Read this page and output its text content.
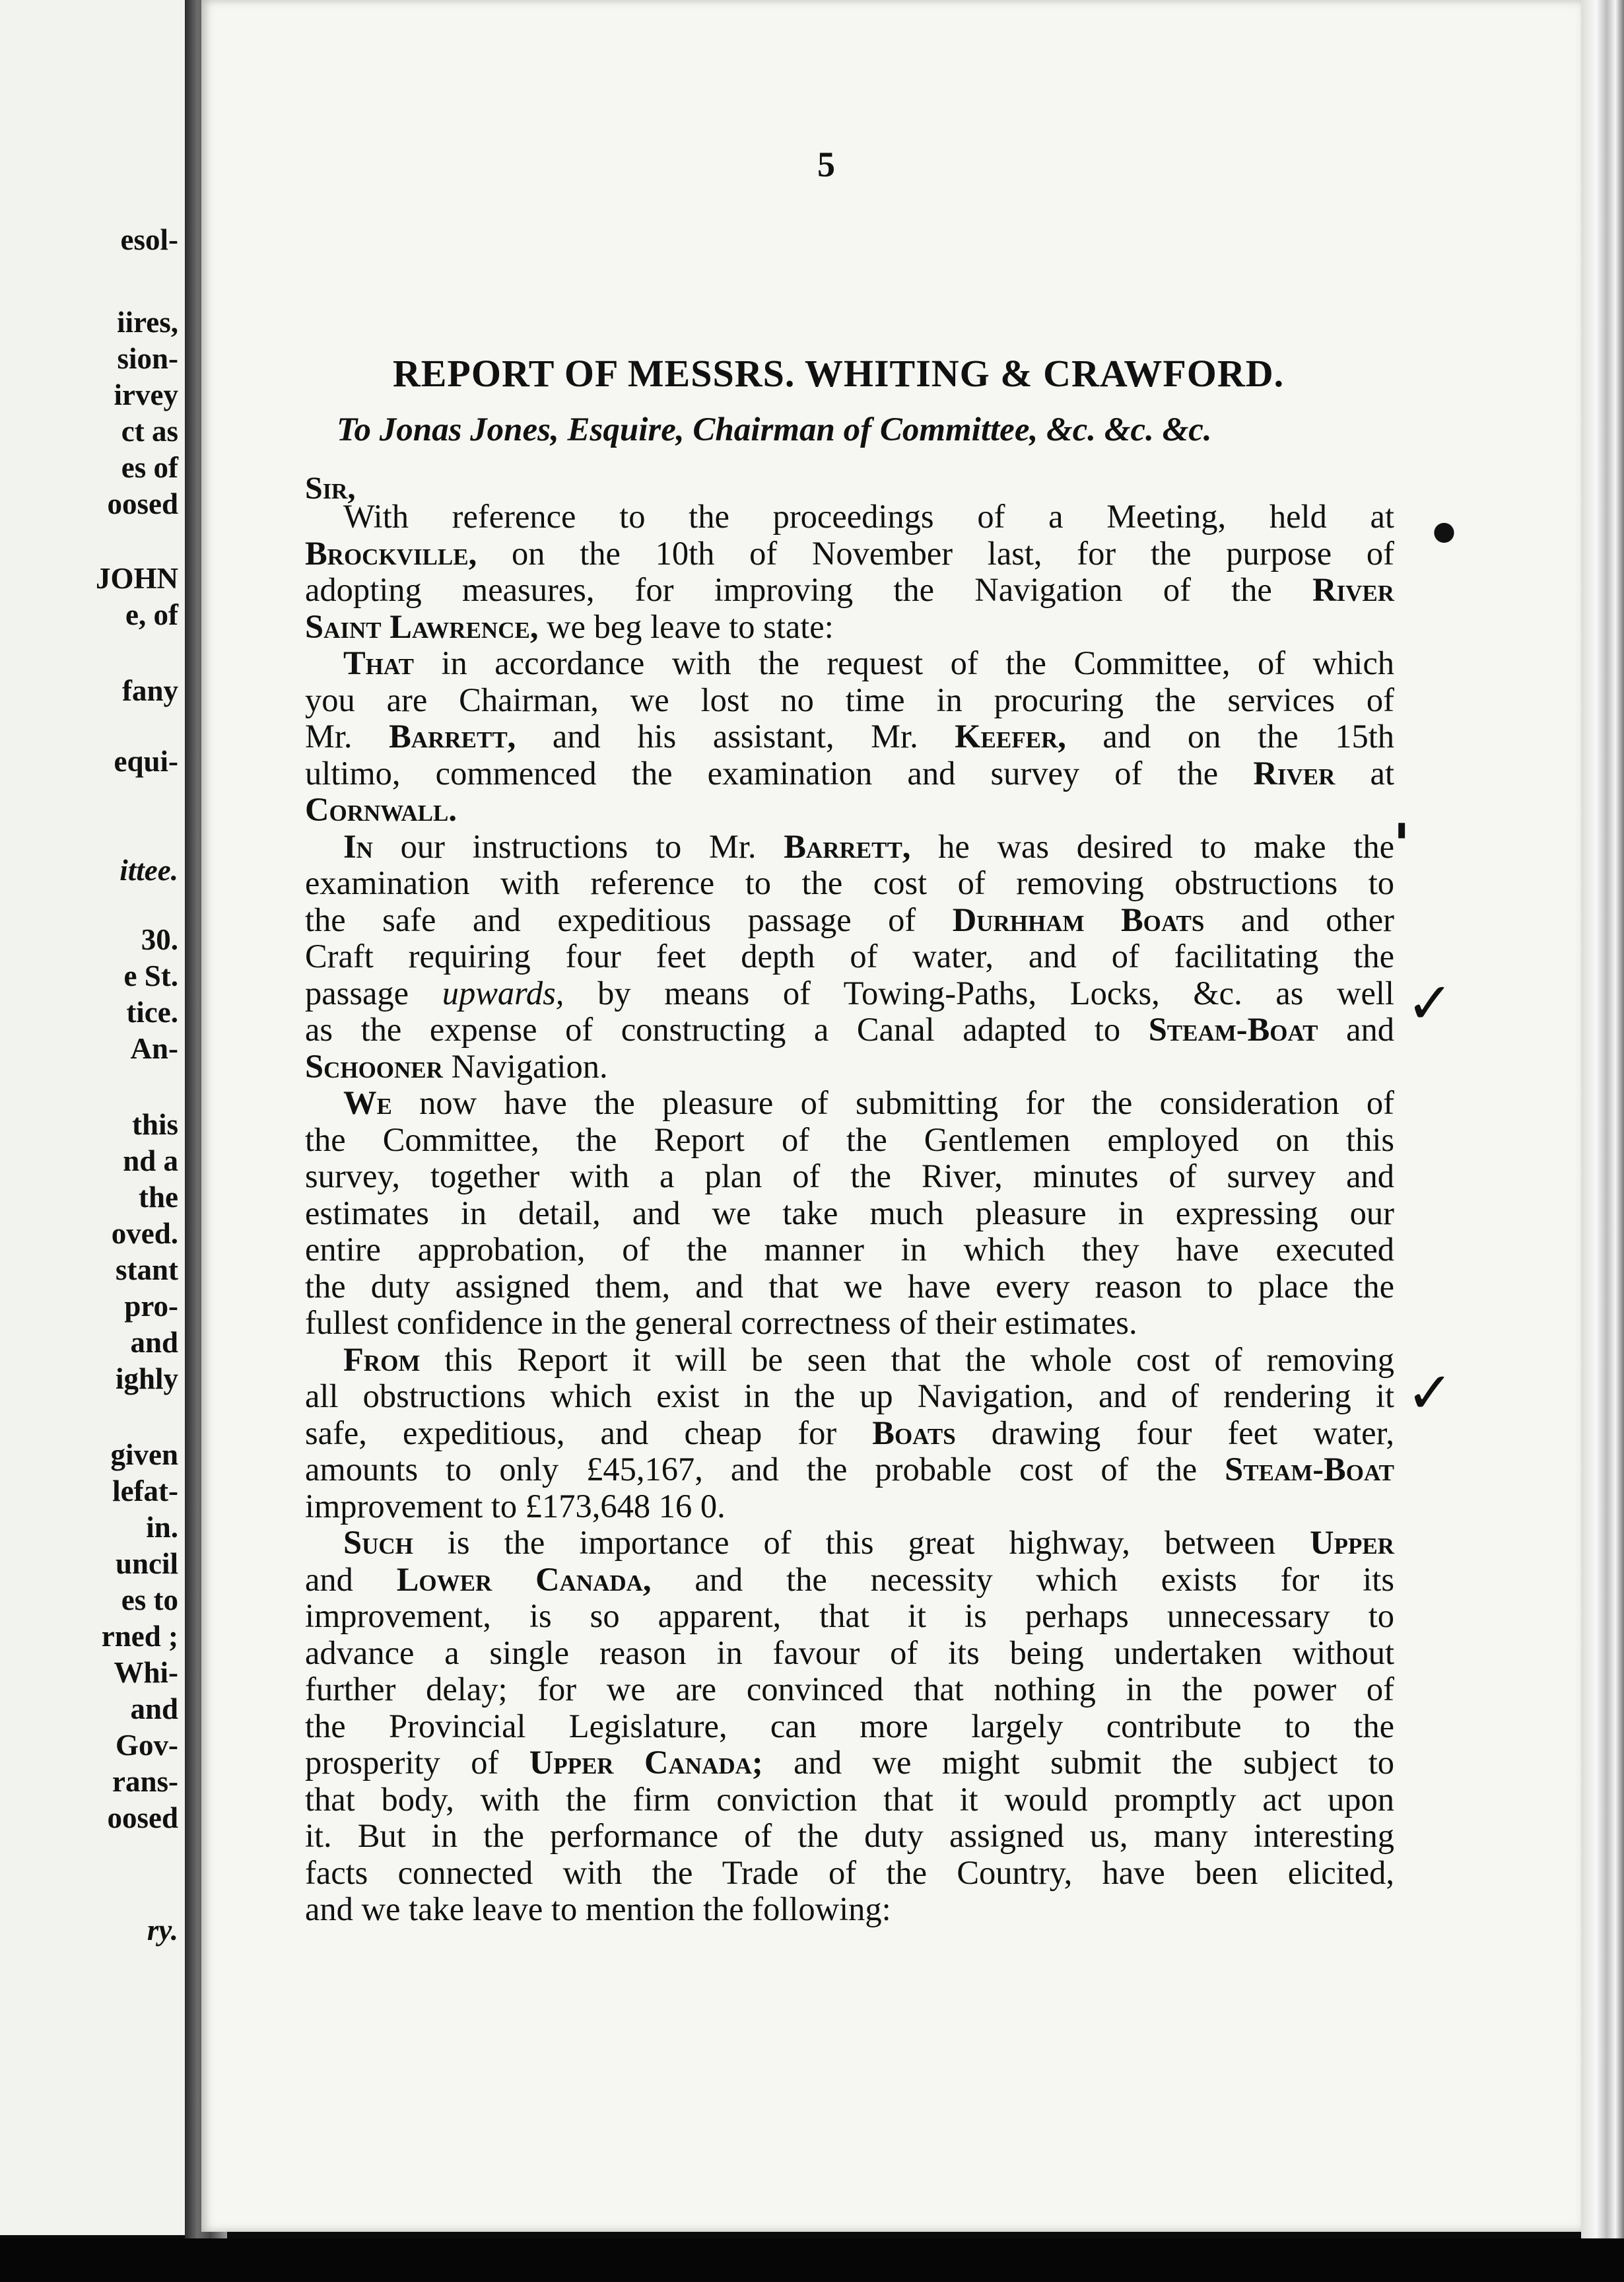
esol-
iires,
sion-
irvey
ct as
es of
oosed
JOHN
e, of
fany
equi-
ittee.
30.
e St.
tice.
An-
this
nd a
the
oved.
stant
pro-
and
ighly
given
lefat-
in.
uncil
es to
rned ;
Whi-
and
Gov-
rans-
oosed
ry.
5
REPORT OF MESSRS. WHITING & CRAWFORD.
To Jonas Jones, Esquire, Chairman of Committee, &c. &c. &c.
Sir,
With reference to the proceedings of a Meeting, held at
Brockville, on the 10th of November last, for the purpose of
adopting measures, for improving the Navigation of the River
Saint Lawrence, we beg leave to state:
That in accordance with the request of the Committee, of which
you are Chairman, we lost no time in procuring the services of
Mr. Barrett, and his assistant, Mr. Keefer, and on the 15th
ultimo, commenced the examination and survey of the River at
Cornwall.
In our instructions to Mr. Barrett, he was desired to make the
examination with reference to the cost of removing obstructions to
the safe and expeditious passage of Durhham Boats and other
Craft requiring four feet depth of water, and of facilitating the
passage upwards, by means of Towing-Paths, Locks, &c. as well
as the expense of constructing a Canal adapted to Steam-Boat and
Schooner Navigation.
We now have the pleasure of submitting for the consideration of
the Committee, the Report of the Gentlemen employed on this
survey, together with a plan of the River, minutes of survey and
estimates in detail, and we take much pleasure in expressing our
entire approbation, of the manner in which they have executed
the duty assigned them, and that we have every reason to place the
fullest confidence in the general correctness of their estimates.
From this Report it will be seen that the whole cost of removing
all obstructions which exist in the up Navigation, and of rendering it
safe, expeditious, and cheap for Boats drawing four feet water,
amounts to only £45,167, and the probable cost of the Steam-Boat
improvement to £173,648 16 0.
Such is the importance of this great highway, between Upper
and Lower Canada, and the necessity which exists for its
improvement, is so apparent, that it is perhaps unnecessary to
advance a single reason in favour of its being undertaken without
further delay; for we are convinced that nothing in the power of
the Provincial Legislature, can more largely contribute to the
prosperity of Upper Canada; and we might submit the subject to
that body, with the firm conviction that it would promptly act upon
it. But in the performance of the duty assigned us, many interesting
facts connected with the Trade of the Country, have been elicited,
and we take leave to mention the following:
•
'
✓
✓
